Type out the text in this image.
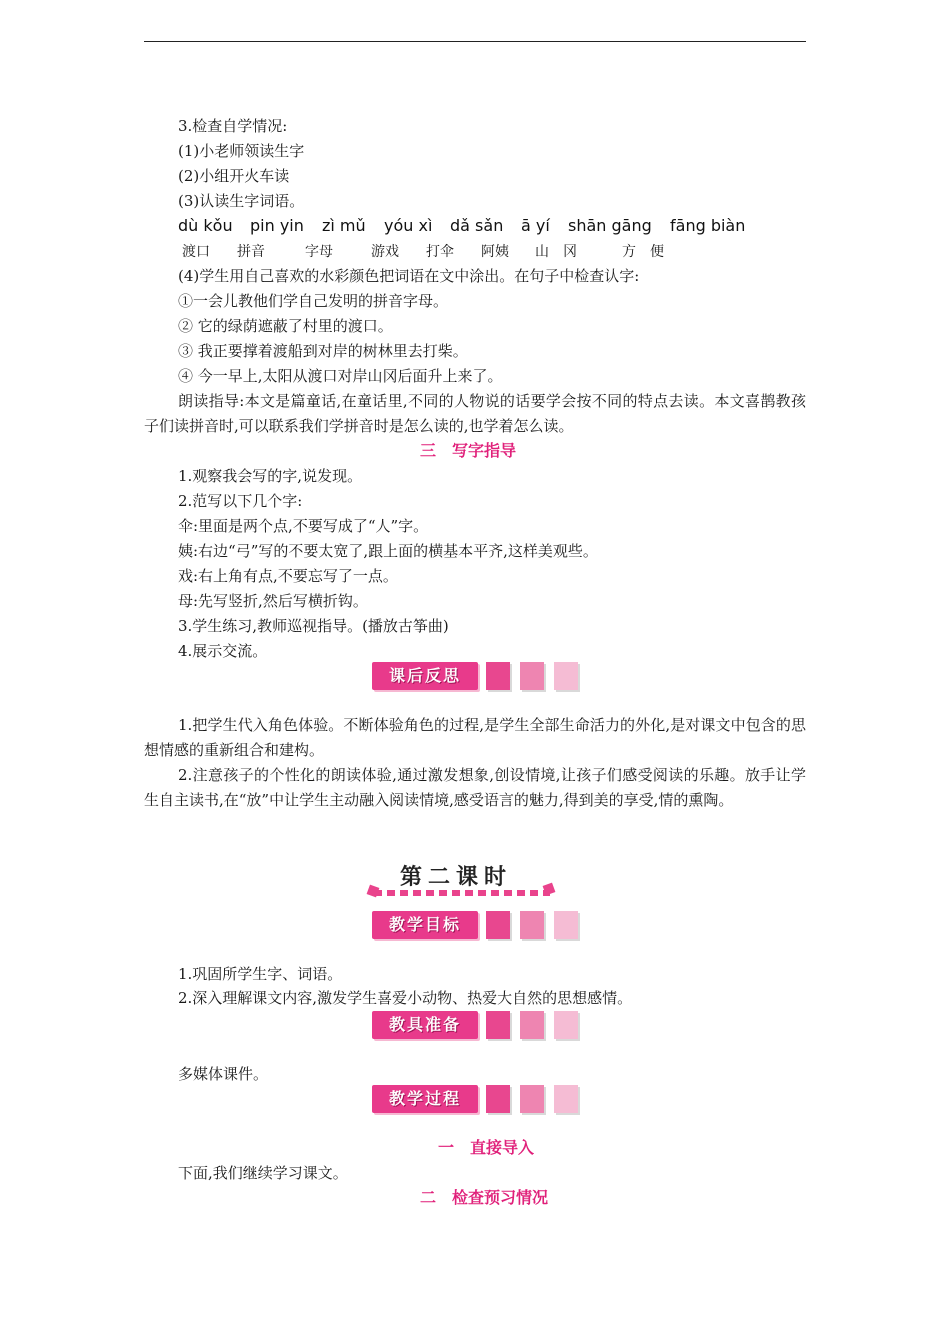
3.检查自学情况:
(1)小老师领读生字
(2)小组开火车读
(3)认读生字词语。
dù kǒu pin yin zì mǔ yóu xì dǎ sǎn ā yí shān gāng fāng biàn
渡口 拼音	字母	游戏 打伞 阿姨 山　冈	方　便
(4)学生用自己喜欢的水彩颜色把词语在文中涂出。在句子中检查认字:
①一会儿教他们学自己发明的拼音字母。
② 它的绿荫遮蔽了村里的渡口。
③ 我正要撑着渡船到对岸的树林里去打柴。
④ 今一早上,太阳从渡口对岸山冈后面升上来了。
朗读指导:本文是篇童话,在童话里,不同的人物说的话要学会按不同的特点去读。本文喜鹊教孩子们读拼音时,可以联系我们学拼音时是怎么读的,也学着怎么读。
三　写字指导
1.观察我会写的字,说发现。
2.范写以下几个字:
伞:里面是两个点,不要写成了“人”字。
姨:右边“弓”写的不要太宽了,跟上面的横基本平齐,这样美观些。
戏:右上角有点,不要忘写了一点。
母:先写竖折,然后写横折钩。
3.学生练习,教师巡视指导。(播放古筝曲)
4.展示交流。
课后反思
1.把学生代入角色体验。不断体验角色的过程,是学生全部生命活力的外化,是对课文中包含的思想情感的重新组合和建构。
2.注意孩子的个性化的朗读体验,通过激发想象,创设情境,让孩子们感受阅读的乐趣。放手让学生自主读书,在“放”中让学生主动融入阅读情境,感受语言的魅力,得到美的享受,情的熏陶。
第二课时
教学目标
1.巩固所学生字、词语。
2.深入理解课文内容,激发学生喜爱小动物、热爱大自然的思想感情。
教具准备
多媒体课件。
教学过程
一　直接导入
下面,我们继续学习课文。
二　检查预习情况
